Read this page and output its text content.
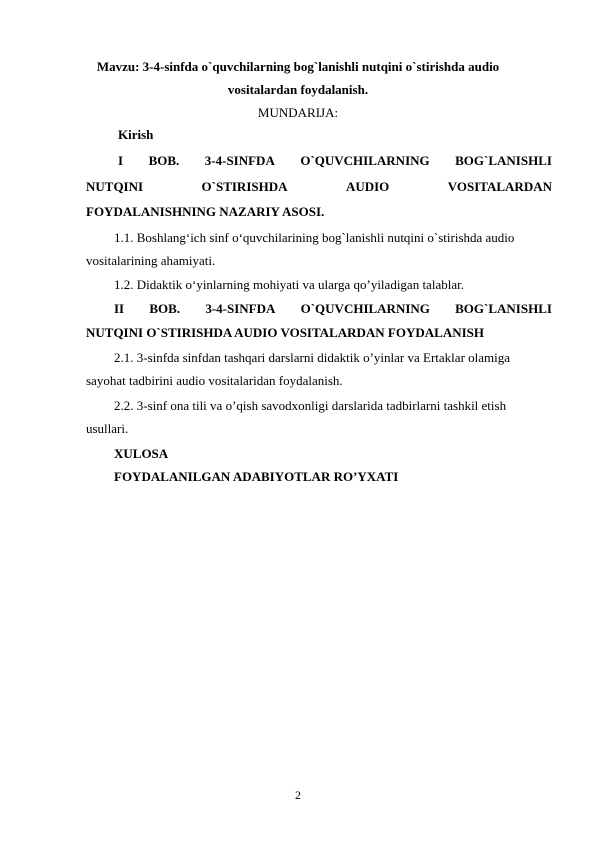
Mavzu: 3-4-sinfda o`quvchilarning bog`lanishli nutqini o`stirishda audio
vositalardan foydalanish.
MUNDARIJA:
Kirish
I BOB. 3-4-SINFDA O`QUVCHILARNING BOG`LANISHLI
NUTQINI	O`STIRISHDA	AUDIO	VOSITALARDAN
FOYDALANISHNING NAZARIY ASOSI.
1.1. Boshlang‘ich sinf o‘quvchilarining bog`lanishli nutqini o`stirishda audio
vositalarining ahamiyati.
1.2. Didaktik o‘yinlarning mohiyati va ularga qo’yiladigan talablar.
II BOB. 3-4-SINFDA O`QUVCHILARNING BOG`LANISHLI
NUTQINI O`STIRISHDA AUDIO VOSITALARDAN FOYDALANISH
2.1. 3-sinfda sinfdan tashqari darslarni didaktik o’yinlar va Ertaklar olamiga
sayohat tadbirini audio vositalaridan foydalanish.
2.2. 3-sinf ona tili va o’qish savodxonligi darslarida tadbirlarni tashkil etish
usullari.
XULOSA
FOYDALANILGAN ADABIYOTLAR RO’YXATI
2
